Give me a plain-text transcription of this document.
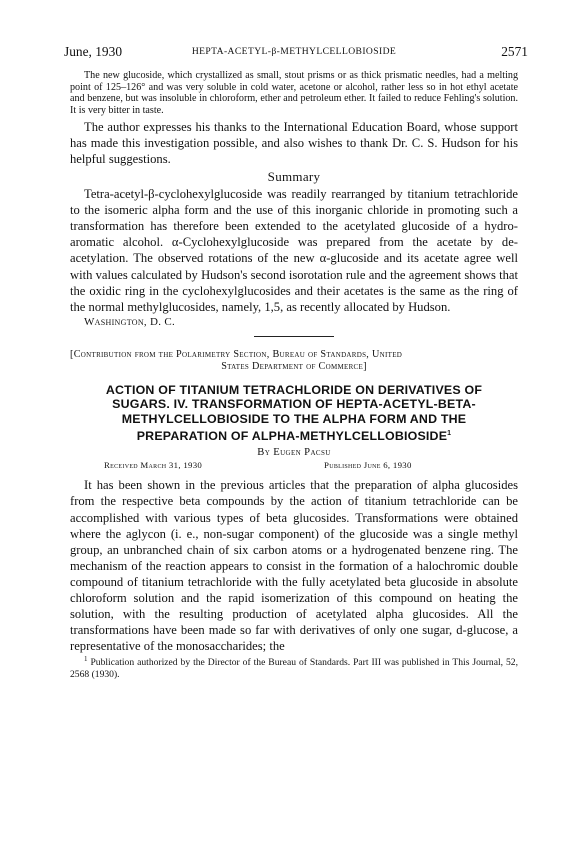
June, 1930	HEPTA-ACETYL-β-METHYLCELLOBIOSIDE	2571

The new glucoside, which crystallized as small, stout prisms or as thick prismatic needles, had a melting point of 125–126° and was very soluble in cold water, acetone or alcohol, rather less so in hot ethyl acetate and benzene, but was insoluble in chloroform, ether and petroleum ether. It failed to reduce Fehling's solution. It is very bitter in taste.

The author expresses his thanks to the International Education Board, whose support has made this investigation possible, and also wishes to thank Dr. C. S. Hudson for his helpful suggestions.

Summary

Tetra-acetyl-β-cyclohexylglucoside was readily rearranged by titanium tetrachloride to the isomeric alpha form and the use of this inorganic chloride in promoting such a transformation has therefore been extended to the acetylated glucoside of a hydro-aromatic alcohol. α-Cyclohexylglucoside was prepared from the acetate by de-acetylation. The observed rotations of the new α-glucoside and its acetate agree well with values calculated by Hudson's second isorotation rule and the agreement shows that the oxidic ring in the cyclohexylglucosides and their acetates is the same as the ring of the normal methylglucosides, namely, 1,5, as recently allocated by Hudson.

Washington, D. C.
[Contribution from the Polarimetry Section, Bureau of Standards, United
States Department of Commerce]
ACTION OF TITANIUM TETRACHLORIDE ON DERIVATIVES OF
SUGARS. IV. TRANSFORMATION OF HEPTA-ACETYL-BETA-
METHYLCELLOBIOSIDE TO THE ALPHA FORM AND THE
PREPARATION OF ALPHA-METHYLCELLOBIOSIDE$^1$
By Eugen Pacsu
Received March 31, 1930	Published June 6, 1930

It has been shown in the previous articles that the preparation of alpha glucosides from the respective beta compounds by the action of titanium tetrachloride can be accomplished with various types of beta glucosides. Transformations were obtained where the aglycon (i. e., non-sugar component) of the glucoside was a single methyl group, an unbranched chain of six carbon atoms or a hydrogenated benzene ring. The mechanism of the reaction appears to consist in the formation of a halochromic double compound of titanium tetrachloride with the fully acetylated beta glucoside in absolute chloroform solution and the rapid isomerization of this compound on heating the solution, with the resulting production of acetylated alpha glucosides. All the transformations have been made so far with derivatives of only one sugar, d-glucose, a representative of the monosaccharides; the

$^1$ Publication authorized by the Director of the Bureau of Standards. Part III was published in This Journal, 52, 2568 (1930).
